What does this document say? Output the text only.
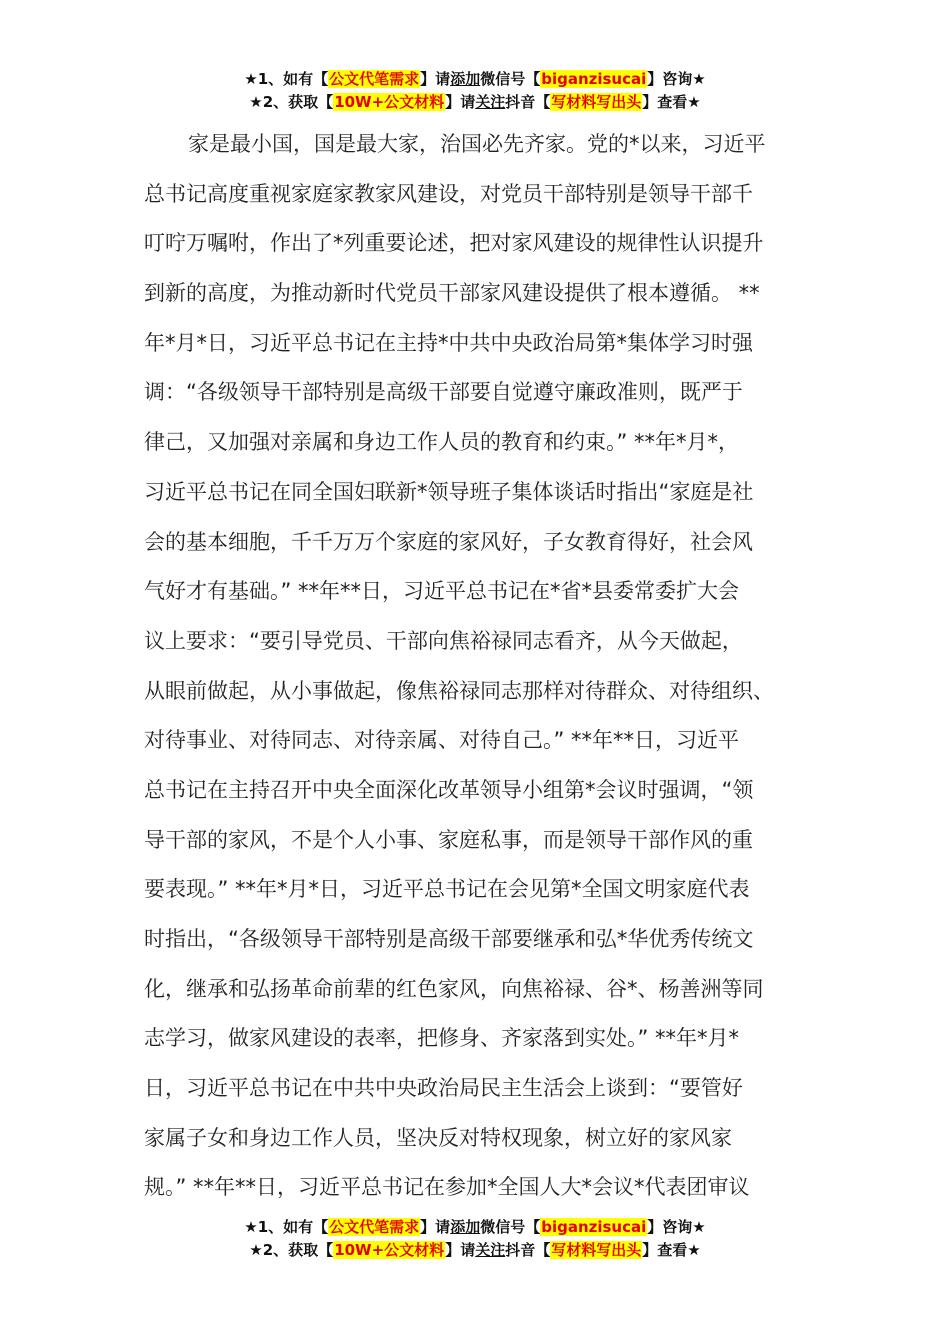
★1、如有【公文代笔需求】请添加微信号【biganzisucai】咨询★
★2、获取【10W+公文材料】请关注抖音【写材料写出头】查看★
家是最小国，国是最大家，治国必先齐家。党的*以来，习近平
总书记高度重视家庭家教家风建设，对党员干部特别是领导干部千
叮咛万嘱咐，作出了*列重要论述，把对家风建设的规律性认识提升
到新的高度，为推动新时代党员干部家风建设提供了根本遵循。 **
年*月*日，习近平总书记在主持*中共中央政治局第*集体学习时强
调：“各级领导干部特别是高级干部要自觉遵守廉政准则，既严于
律己，又加强对亲属和身边工作人员的教育和约束。” **年*月*，
习近平总书记在同全国妇联新*领导班子集体谈话时指出“家庭是社
会的基本细胞，千千万万个家庭的家风好，子女教育得好，社会风
气好才有基础。” **年**日，习近平总书记在*省*县委常委扩大会
议上要求：“要引导党员、干部向焦裕禄同志看齐，从今天做起，
从眼前做起，从小事做起，像焦裕禄同志那样对待群众、对待组织、
对待事业、对待同志、对待亲属、对待自己。” **年**日，习近平
总书记在主持召开中央全面深化改革领导小组第*会议时强调，“领
导干部的家风，不是个人小事、家庭私事，而是领导干部作风的重
要表现。” **年*月*日，习近平总书记在会见第*全国文明家庭代表
时指出，“各级领导干部特别是高级干部要继承和弘*华优秀传统文
化，继承和弘扬革命前辈的红色家风，向焦裕禄、谷*、杨善洲等同
志学习，做家风建设的表率，把修身、齐家落到实处。” **年*月*
日，习近平总书记在中共中央政治局民主生活会上谈到：“要管好
家属子女和身边工作人员，坚决反对特权现象，树立好的家风家
规。” **年**日，习近平总书记在参加*全国人大*会议*代表团审议
★1、如有【公文代笔需求】请添加微信号【biganzisucai】咨询★
★2、获取【10W+公文材料】请关注抖音【写材料写出头】查看★
